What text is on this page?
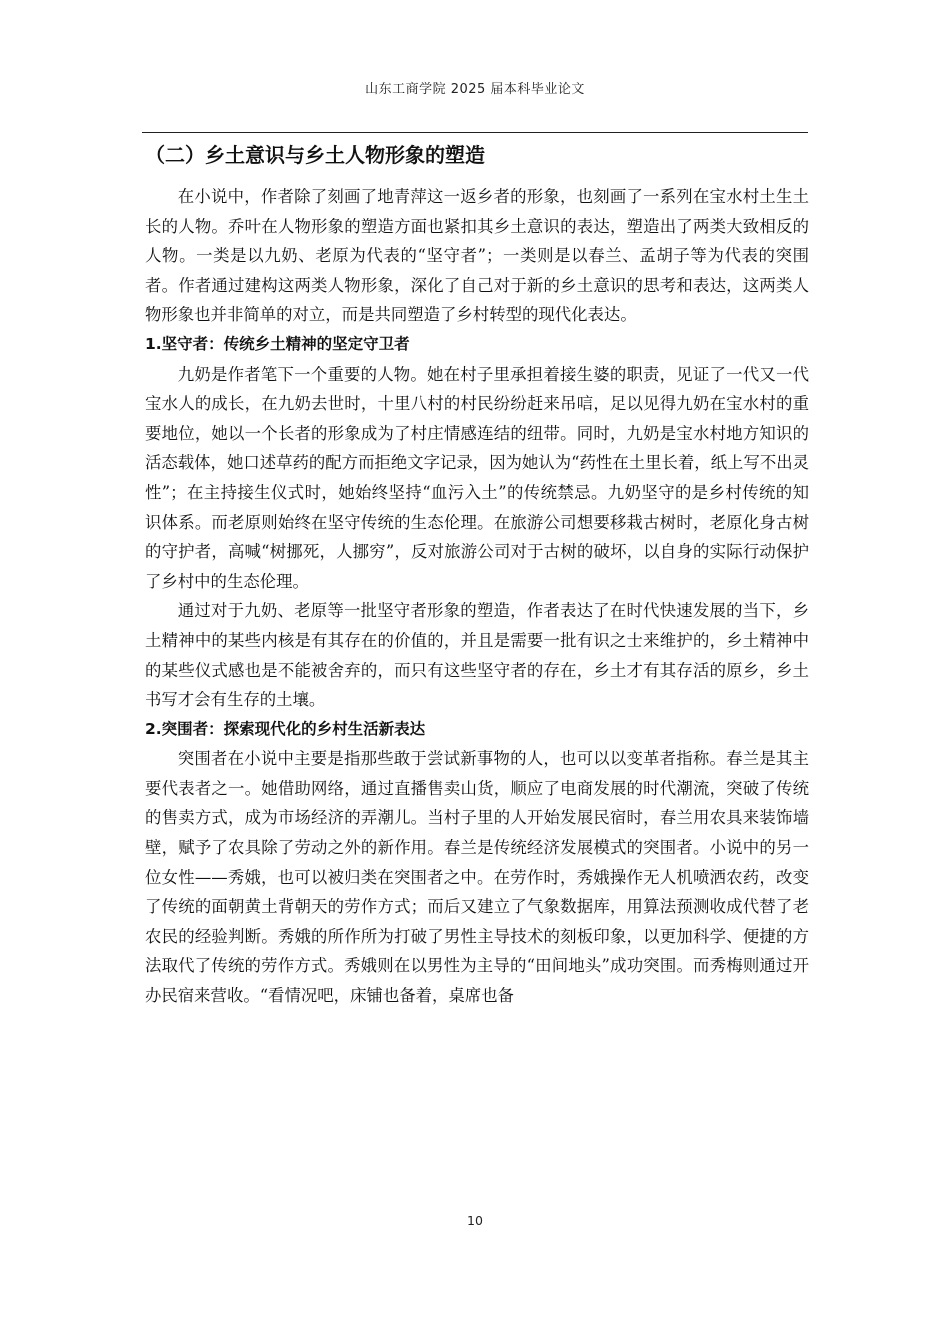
山东工商学院 2025 届本科毕业论文
（二）乡土意识与乡土人物形象的塑造

在小说中，作者除了刻画了地青萍这一返乡者的形象，也刻画了一系列在宝水村土生土长的人物。乔叶在人物形象的塑造方面也紧扣其乡土意识的表达，塑造出了两类大致相反的人物。一类是以九奶、老原为代表的“坚守者”；一类则是以春兰、孟胡子等为代表的突围者。作者通过建构这两类人物形象，深化了自己对于新的乡土意识的思考和表达，这两类人物形象也并非简单的对立，而是共同塑造了乡村转型的现代化表达。

1.坚守者：传统乡土精神的坚定守卫者

九奶是作者笔下一个重要的人物。她在村子里承担着接生婆的职责，见证了一代又一代宝水人的成长，在九奶去世时，十里八村的村民纷纷赶来吊唁，足以见得九奶在宝水村的重要地位，她以一个长者的形象成为了村庄情感连结的纽带。同时，九奶是宝水村地方知识的活态载体，她口述草药的配方而拒绝文字记录，因为她认为“药性在土里长着，纸上写不出灵性”；在主持接生仪式时，她始终坚持“血污入土”的传统禁忌。九奶坚守的是乡村传统的知识体系。而老原则始终在坚守传统的生态伦理。在旅游公司想要移栽古树时，老原化身古树的守护者，高喊“树挪死，人挪穷”，反对旅游公司对于古树的破坏，以自身的实际行动保护了乡村中的生态伦理。

通过对于九奶、老原等一批坚守者形象的塑造，作者表达了在时代快速发展的当下，乡土精神中的某些内核是有其存在的价值的，并且是需要一批有识之士来维护的，乡土精神中的某些仪式感也是不能被舍弃的，而只有这些坚守者的存在，乡土才有其存活的原乡，乡土书写才会有生存的土壤。

2.突围者：探索现代化的乡村生活新表达

突围者在小说中主要是指那些敢于尝试新事物的人，也可以以变革者指称。春兰是其主要代表者之一。她借助网络，通过直播售卖山货，顺应了电商发展的时代潮流，突破了传统的售卖方式，成为市场经济的弄潮儿。当村子里的人开始发展民宿时，春兰用农具来装饰墙壁，赋予了农具除了劳动之外的新作用。春兰是传统经济发展模式的突围者。小说中的另一位女性——秀娥，也可以被归类在突围者之中。在劳作时，秀娥操作无人机喷洒农药，改变了传统的面朝黄土背朝天的劳作方式；而后又建立了气象数据库，用算法预测收成代替了老农民的经验判断。秀娥的所作所为打破了男性主导技术的刻板印象，以更加科学、便捷的方法取代了传统的劳作方式。秀娥则在以男性为主导的“田间地头”成功突围。而秀梅则通过开办民宿来营收。“看情况吧，床铺也备着，桌席也备

10
